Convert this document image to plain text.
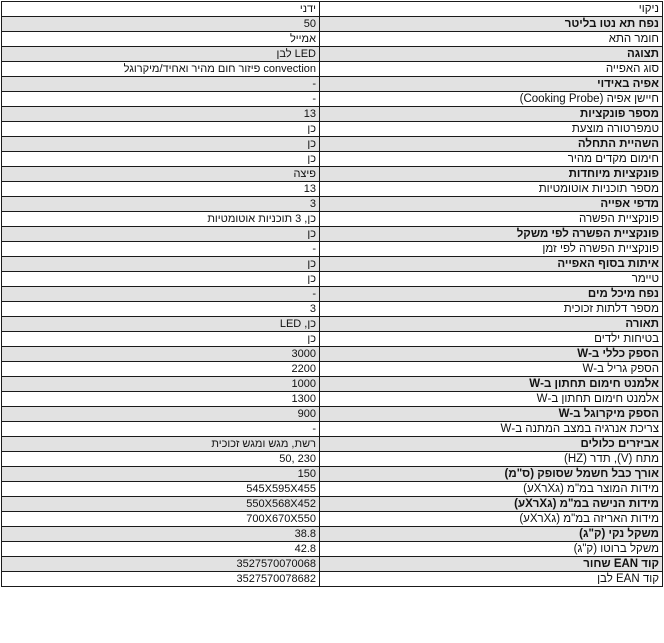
ניקוי	ידני
נפח תא נטו בליטר	50
חומר התא	אמייל
תצוגה	LED לבן
סוג האפייה	convection פיזור חום מהיר ואחיד/מיקרוגל
אפיה באידוי	-
חיישן אפיה (Cooking Probe)	-
מספר פונקציות	13
טמפרטורה מוצעת	כן
השהיית התחלה	כן
חימום מקדים מהיר	כן
פונקציות מיוחדות	פיצה
מספר תוכניות אוטומטיות	13
מדפי אפייה	3
פונקציית הפשרה	כן, 3 תוכניות אוטומטיות
פונקציית הפשרה לפי משקל	כן
פונקציית הפשרה לפי זמן	-
איתות בסוף האפייה	כן
טיימר	כן
נפח מיכל מים	-
מספר דלתות זכוכית	3
תאורה	כן, LED
בטיחות ילדים	כן
הספק כללי ב-W	3000
הספק גריל ב-W	2200
אלמנט חימום תחתון ב-W	1000
אלמנט חימום תחתון ב-W	1300
הספק מיקרוגל ב-W	900
צריכת אנרגיה במצב המתנה ב-W	-
אביזרים כלולים	רשת, מגש ומגש זכוכית
מתח (V), תדר (HZ)	230 ,50
אורך כבל חשמל שסופק (ס"מ)	150
מידות המוצר במ"מ (גXרXע)	545X595X455
מידות הנישה במ"מ (גXרXע)	550X568X452
מידות האריזה במ"מ (גXרXע)	700X670X550
משקל נקי (ק"ג)	38.8
משקל ברוטו (ק"ג)	42.8
קוד EAN שחור	3527570070068
קוד EAN לבן	3527570078682
